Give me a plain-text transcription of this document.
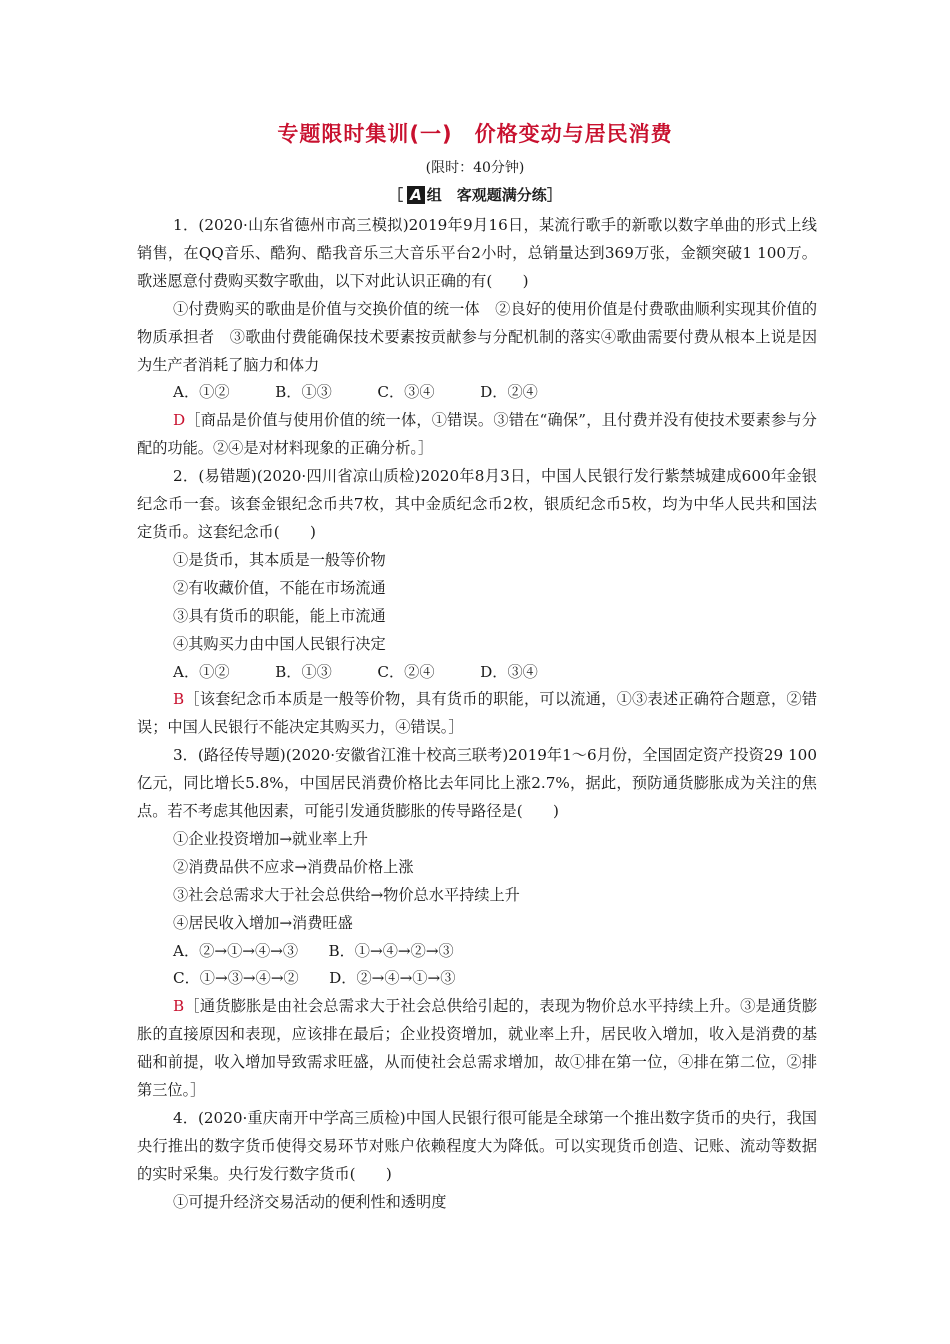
专题限时集训(一)　价格变动与居民消费
(限时：40分钟)
［ A 组　客观题满分练］

1．(2020·山东省德州市高三模拟)2019年9月16日，某流行歌手的新歌以数字单曲的形式上线销售，在QQ音乐、酷狗、酷我音乐三大音乐平台2小时，总销量达到369万张，金额突破1 100万。歌迷愿意付费购买数字歌曲，以下对此认识正确的有(　　)

①付费购买的歌曲是价值与交换价值的统一体　②良好的使用价值是付费歌曲顺利实现其价值的物质承担者　③歌曲付费能确保技术要素按贡献参与分配机制的落实④歌曲需要付费从根本上说是因为生产者消耗了脑力和体力

A．①②　　　B．①③　　　C．③④　　　D．②④

D［商品是价值与使用价值的统一体，①错误。③错在“确保”，且付费并没有使技术要素参与分配的功能。②④是对材料现象的正确分析。］

2．(易错题)(2020·四川省凉山质检)2020年8月3日，中国人民银行发行紫禁城建成600年金银纪念币一套。该套金银纪念币共7枚，其中金质纪念币2枚，银质纪念币5枚，均为中华人民共和国法定货币。这套纪念币(　　)

①是货币，其本质是一般等价物

②有收藏价值，不能在市场流通

③具有货币的职能，能上市流通

④其购买力由中国人民银行决定

A．①②　　　B．①③　　　C．②④　　　D．③④

B［该套纪念币本质是一般等价物，具有货币的职能，可以流通，①③表述正确符合题意，②错误；中国人民银行不能决定其购买力，④错误。］

3．(路径传导题)(2020·安徽省江淮十校高三联考)2019年1～6月份，全国固定资产投资29 100亿元，同比增长5.8%，中国居民消费价格比去年同比上涨2.7%，据此，预防通货膨胀成为关注的焦点。若不考虑其他因素，可能引发通货膨胀的传导路径是(　　)

①企业投资增加→就业率上升

②消费品供不应求→消费品价格上涨

③社会总需求大于社会总供给→物价总水平持续上升

④居民收入增加→消费旺盛

A．②→①→④→③　　B．①→④→②→③

C．①→③→④→②　　D．②→④→①→③

B［通货膨胀是由社会总需求大于社会总供给引起的，表现为物价总水平持续上升。③是通货膨胀的直接原因和表现，应该排在最后；企业投资增加，就业率上升，居民收入增加，收入是消费的基础和前提，收入增加导致需求旺盛，从而使社会总需求增加，故①排在第一位，④排在第二位，②排第三位。］

4．(2020·重庆南开中学高三质检)中国人民银行很可能是全球第一个推出数字货币的央行，我国央行推出的数字货币使得交易环节对账户依赖程度大为降低。可以实现货币创造、记账、流动等数据的实时采集。央行发行数字货币(　　)

①可提升经济交易活动的便利性和透明度
